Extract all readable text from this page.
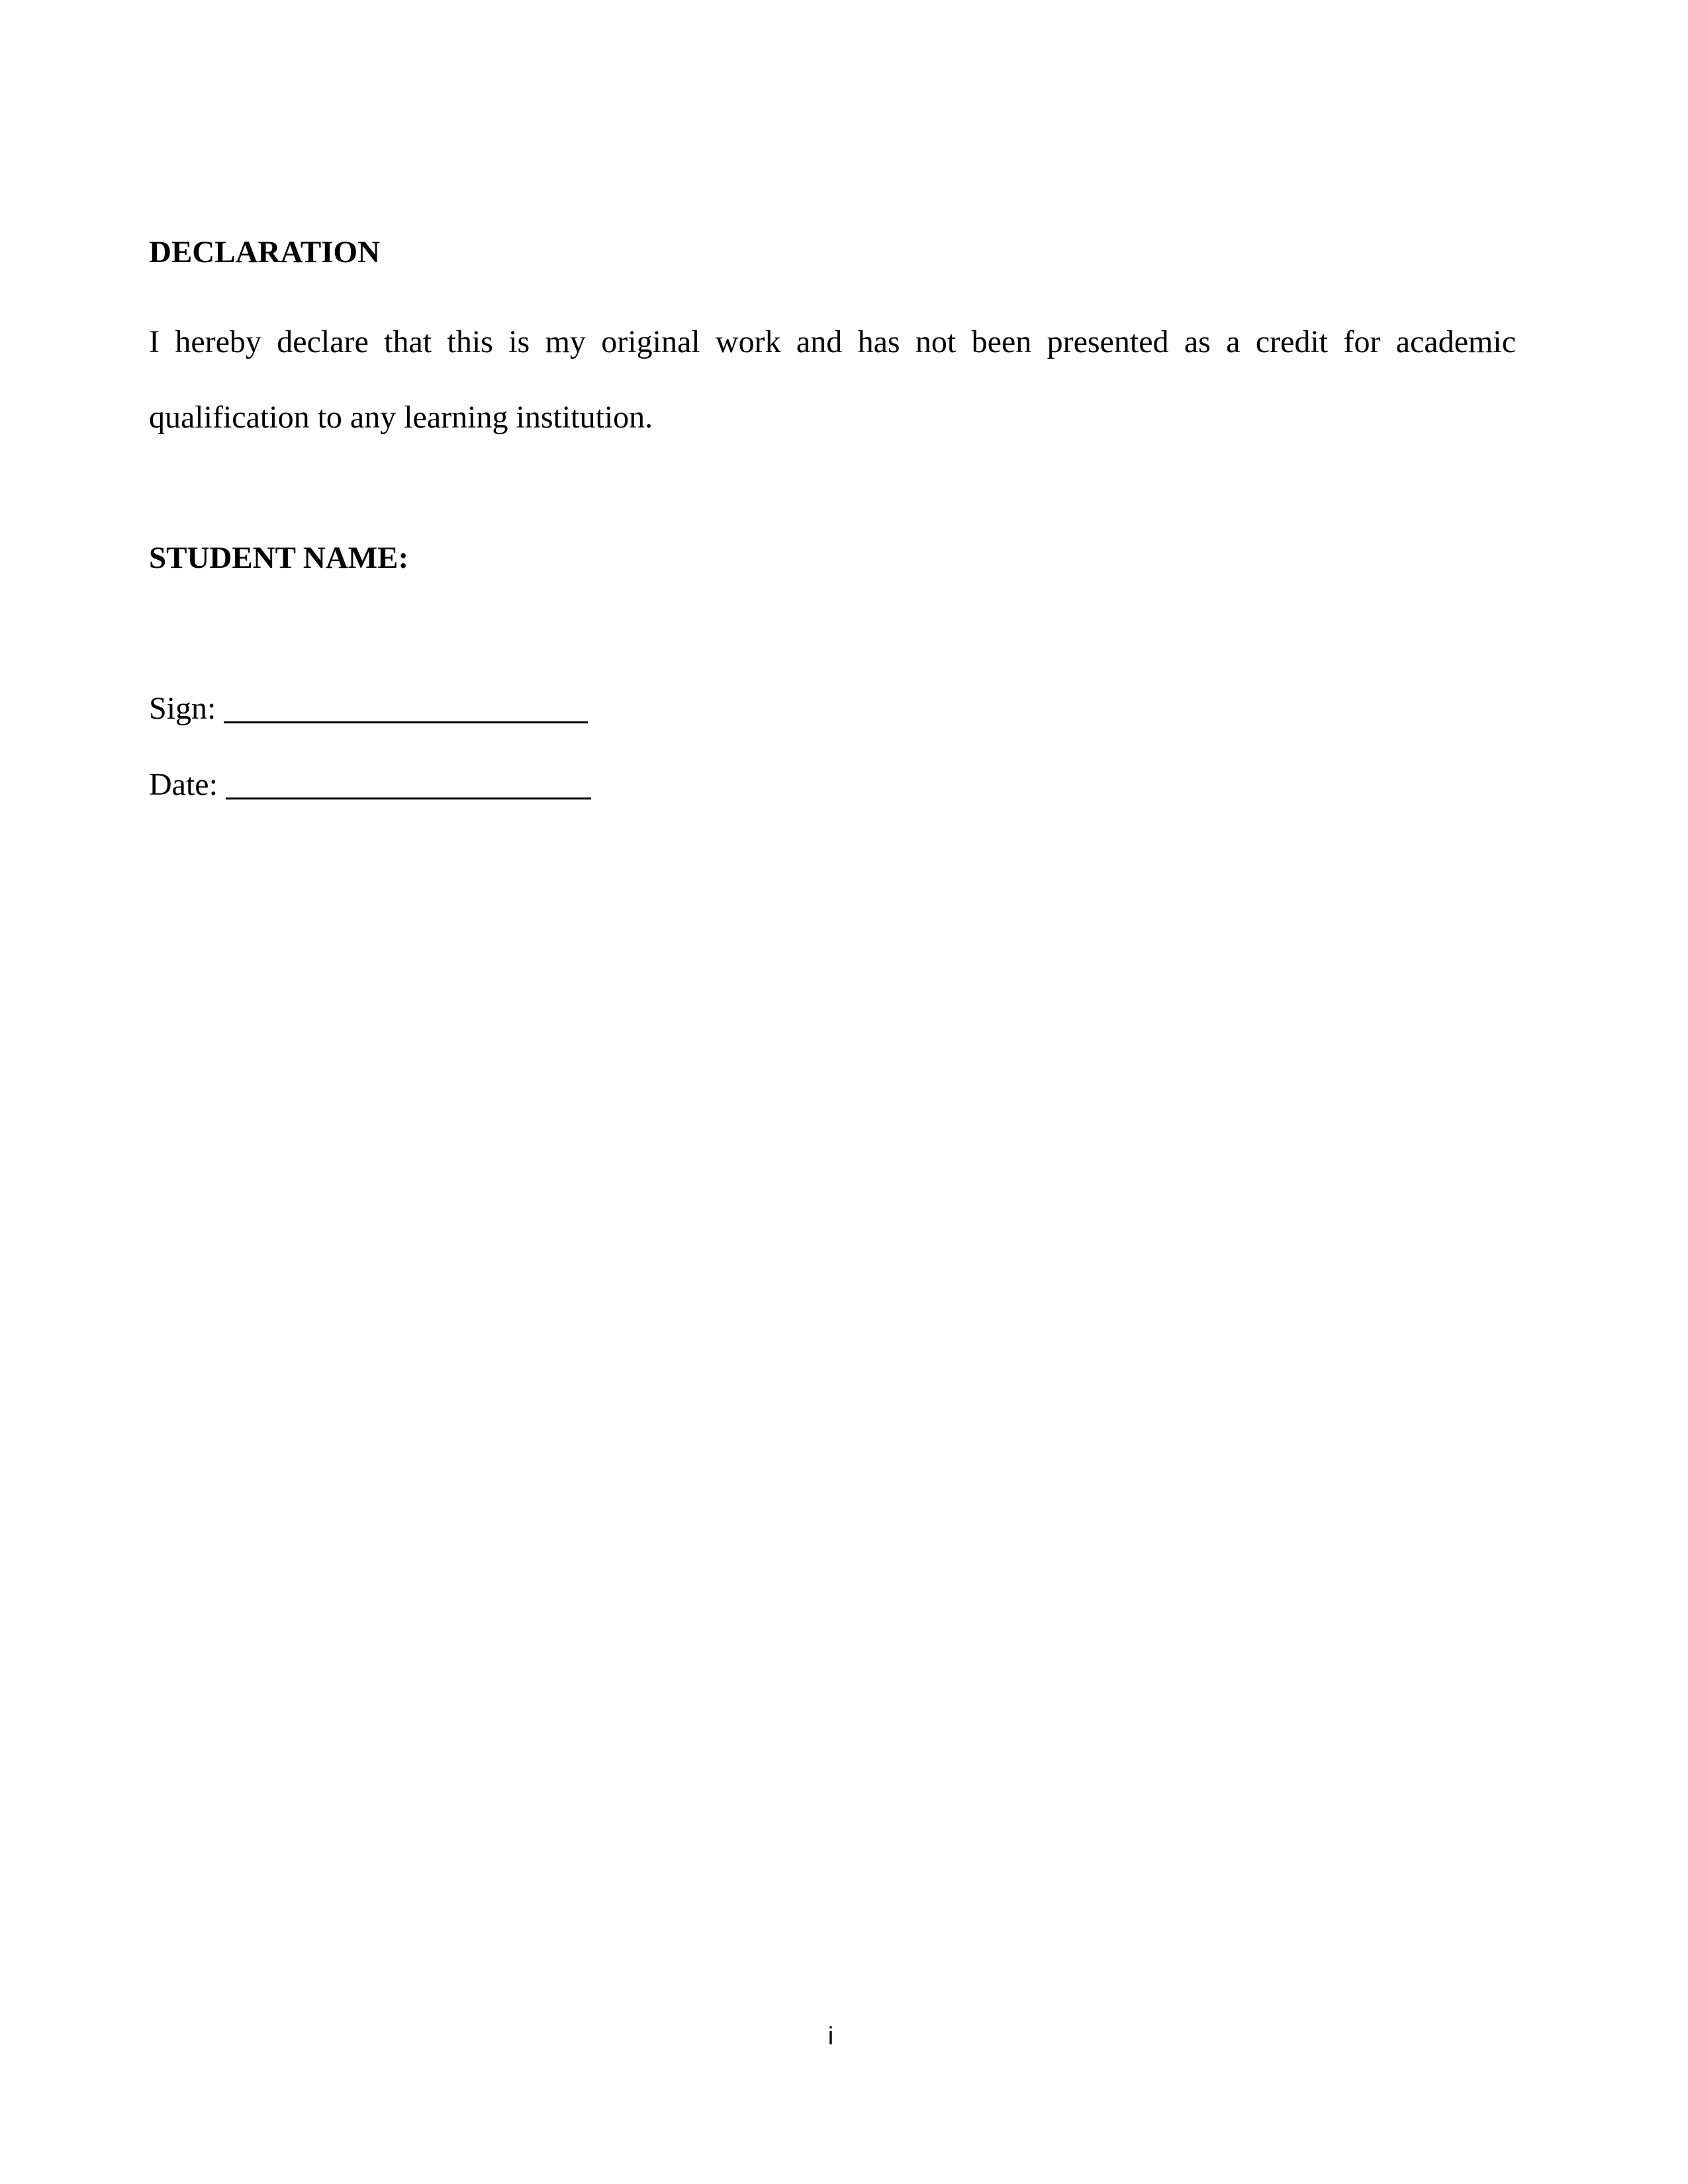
DECLARATION
I hereby declare that this is my original work and has not been presented as a credit for academic
qualification to any learning institution.
STUDENT NAME:
Sign:
Date:
i
